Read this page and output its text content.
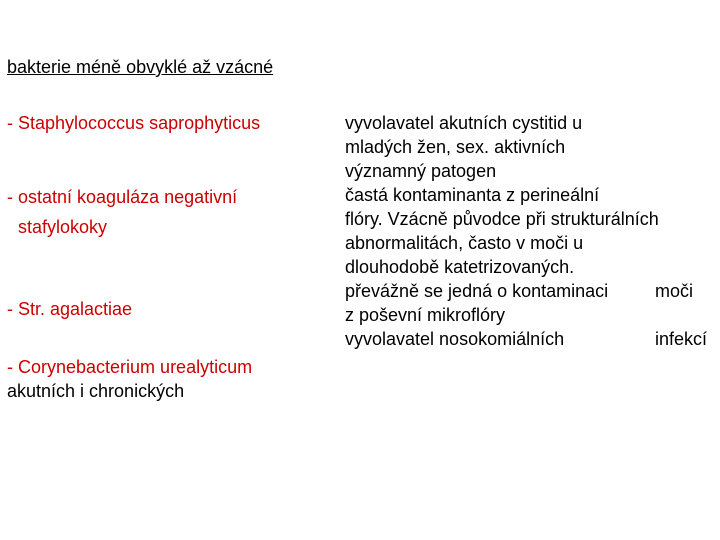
bakterie méně obvyklé až vzácné
- Staphylococcus saprophyticus
- ostatní koaguláza negativní
stafylokoky
- Str. agalactiae
- Corynebacterium urealyticum
akutních i chronických
vyvolavatel akutních cystitid u
mladých žen, sex. aktivních
významný patogen
častá kontaminanta z perineální
flóry. Vzácně původce při strukturálních
abnormalitách, často v moči u
dlouhodobě katetrizovaných.
převážně se jedná o kontaminaci	moči
z poševní mikroflóry
vyvolavatel nosokomiálních	infekcí
